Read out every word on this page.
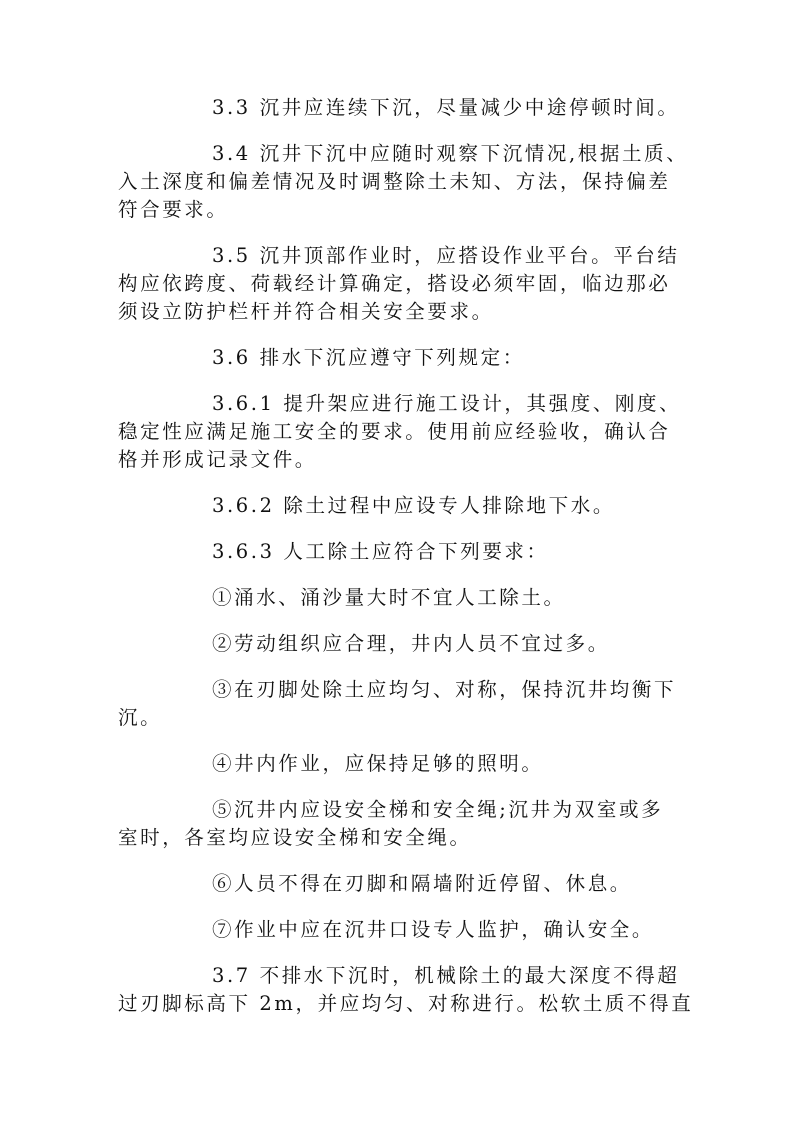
3.3 沉井应连续下沉，尽量减少中途停顿时间。
3.4 沉井下沉中应随时观察下沉情况,根据土质、
入土深度和偏差情况及时调整除土未知、方法，保持偏差
符合要求。
3.5 沉井顶部作业时，应搭设作业平台。平台结
构应依跨度、荷载经计算确定，搭设必须牢固，临边那必
须设立防护栏杆并符合相关安全要求。
3.6 排水下沉应遵守下列规定：
3.6.1 提升架应进行施工设计，其强度、刚度、
稳定性应满足施工安全的要求。使用前应经验收，确认合
格并形成记录文件。
3.6.2 除土过程中应设专人排除地下水。
3.6.3 人工除土应符合下列要求：
①涌水、涌沙量大时不宜人工除土。
②劳动组织应合理，井内人员不宜过多。
③在刃脚处除土应均匀、对称，保持沉井均衡下
沉。
④井内作业，应保持足够的照明。
⑤沉井内应设安全梯和安全绳;沉井为双室或多
室时，各室均应设安全梯和安全绳。
⑥人员不得在刃脚和隔墙附近停留、休息。
⑦作业中应在沉井口设专人监护，确认安全。
3.7 不排水下沉时，机械除土的最大深度不得超
过刃脚标高下 2m，并应均匀、对称进行。松软土质不得直
